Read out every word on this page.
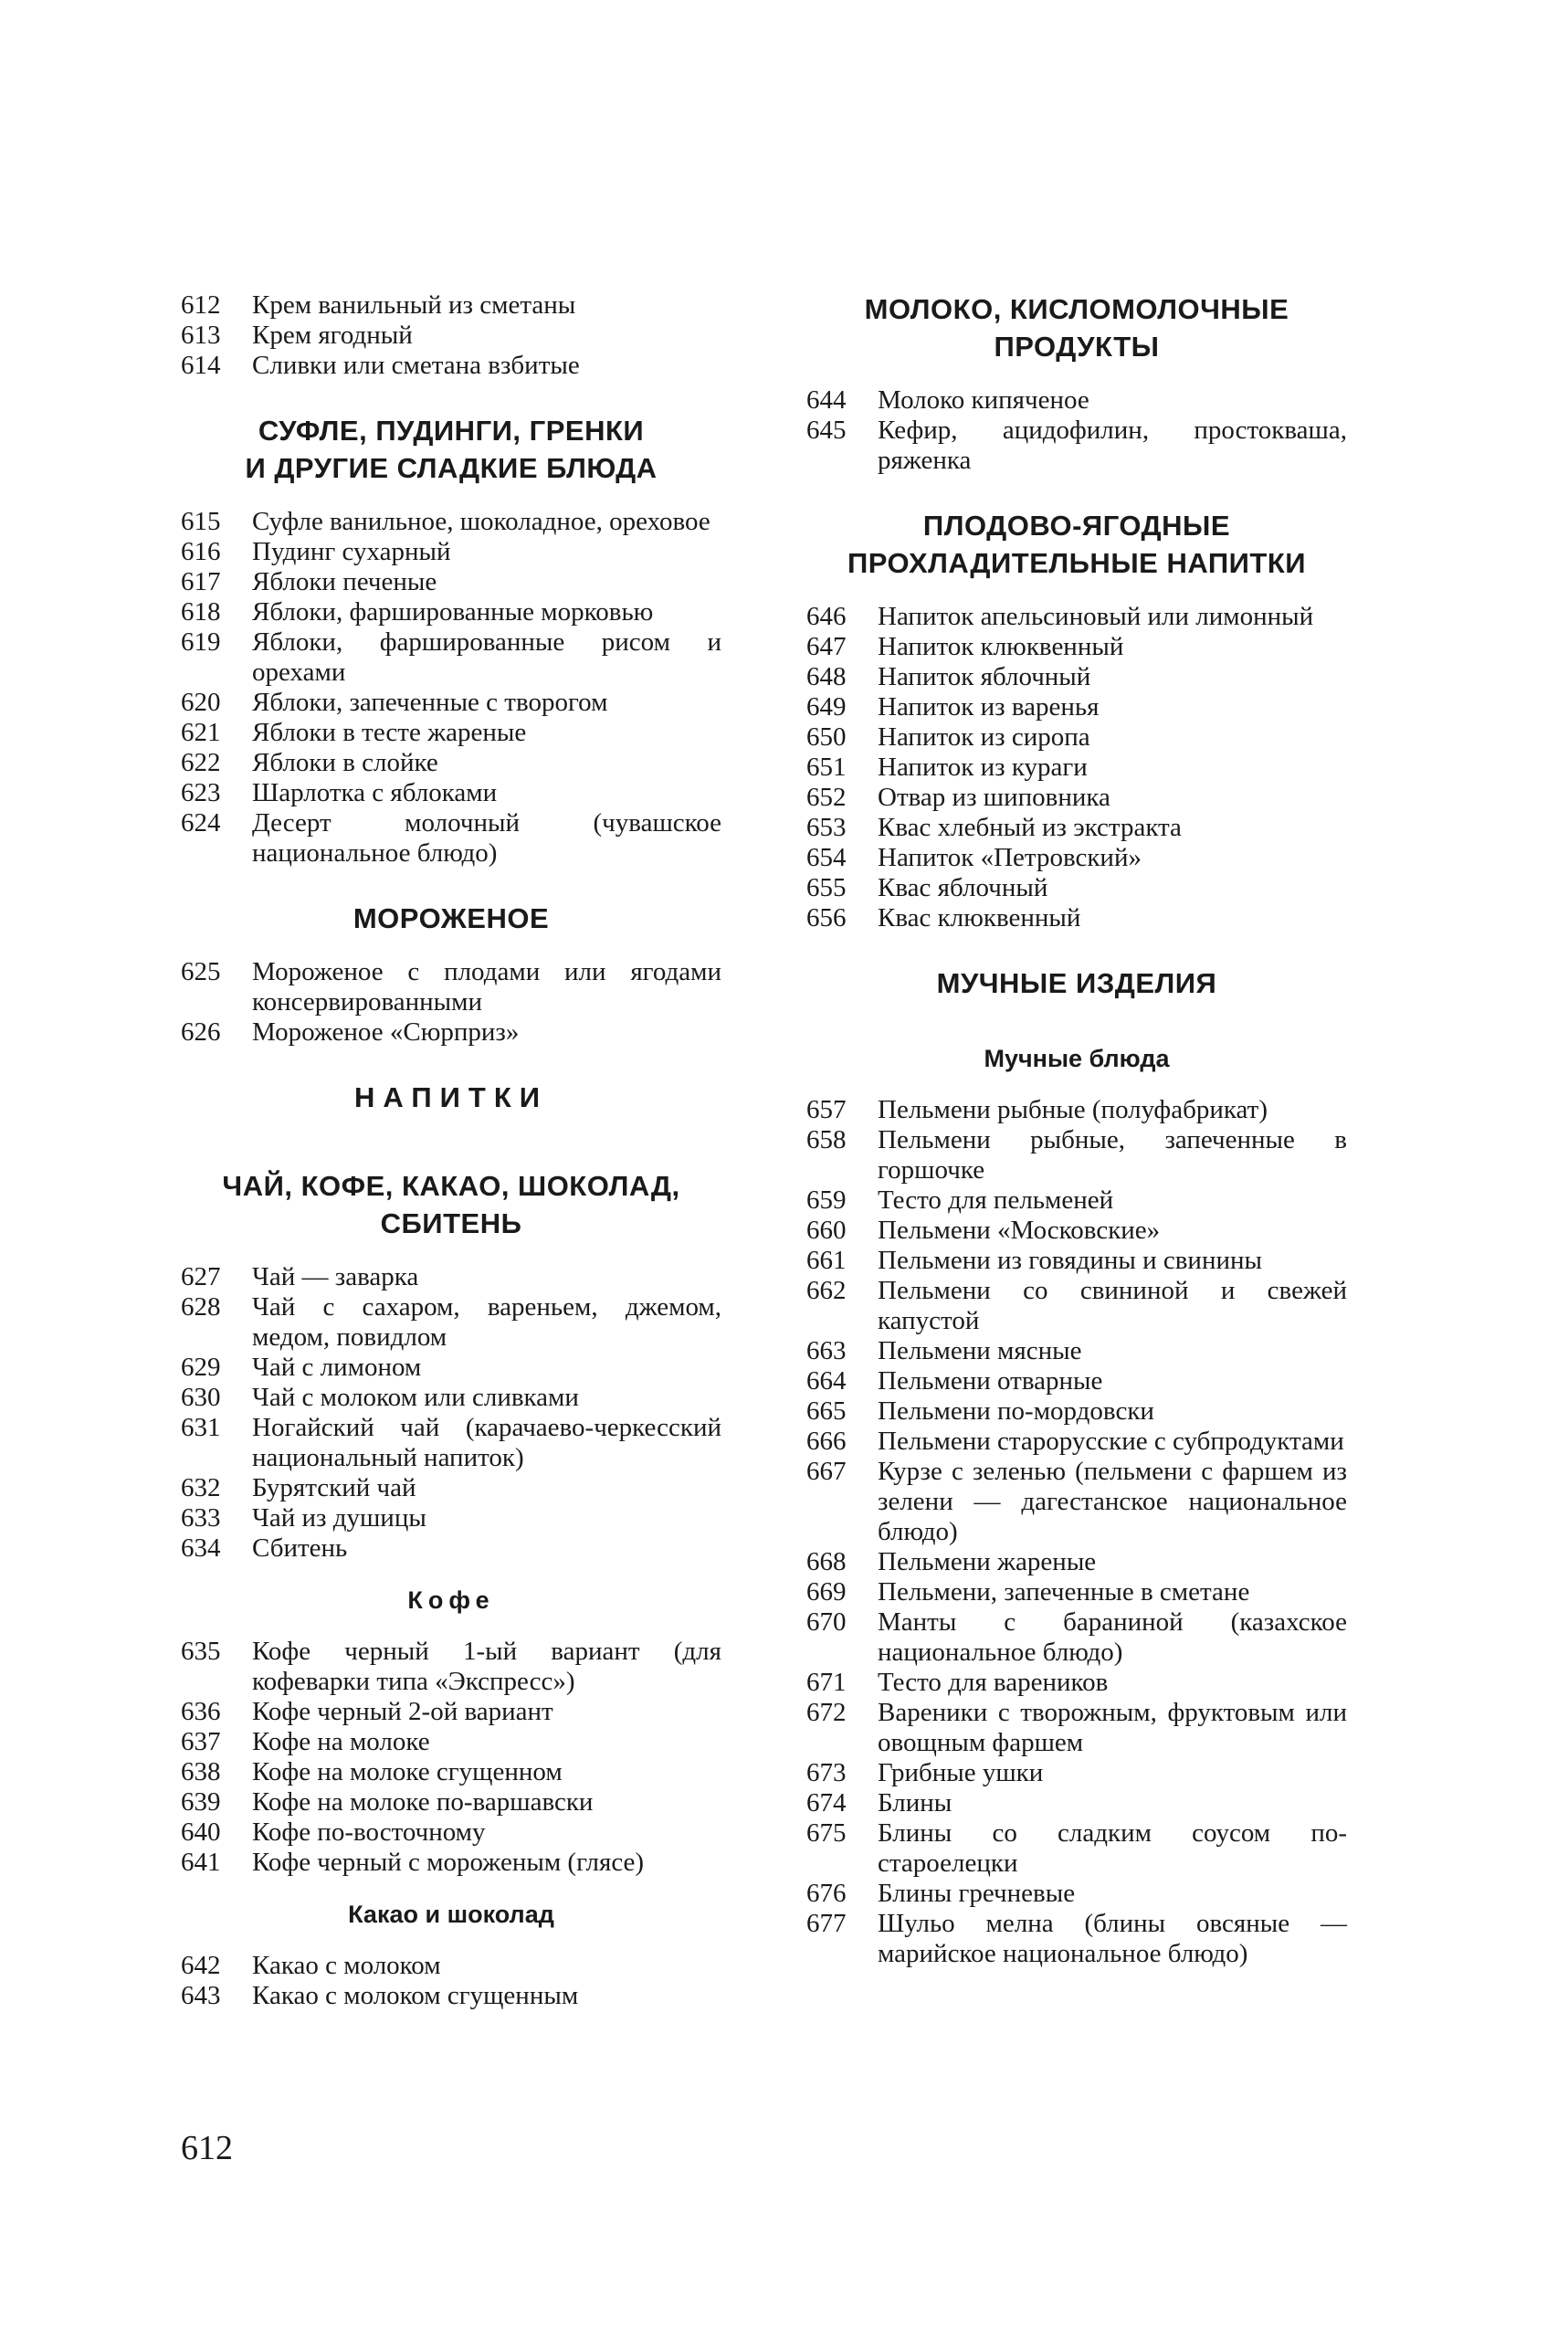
612	Крем ванильный из сметаны
613	Крем ягодный
614	Сливки или сметана взбитые
СУФЛЕ, ПУДИНГИ, ГРЕНКИ
И ДРУГИЕ СЛАДКИЕ БЛЮДА
615	Суфле ванильное, шоколадное, ореховое
616	Пудинг сухарный
617	Яблоки печеные
618	Яблоки, фаршированные морковью
619	Яблоки, фаршированные рисом и орехами
620	Яблоки, запеченные с творогом
621	Яблоки в тесте жареные
622	Яблоки в слойке
623	Шарлотка с яблоками
624	Десерт молочный (чувашское национальное блюдо)
МОРОЖЕНОЕ
625	Мороженое с плодами или ягодами консервированными
626	Мороженое «Сюрприз»
НАПИТКИ
ЧАЙ, КОФЕ, КАКАО, ШОКОЛАД,
СБИТЕНЬ
627	Чай — заварка
628	Чай с сахаром, вареньем, джемом, медом, повидлом
629	Чай с лимоном
630	Чай с молоком или сливками
631	Ногайский чай (карачаево-черкесский национальный напиток)
632	Бурятский чай
633	Чай из душицы
634	Сбитень
Кофе
635	Кофе черный 1-ый вариант (для кофеварки типа «Экспресс»)
636	Кофе черный 2-ой вариант
637	Кофе на молоке
638	Кофе на молоке сгущенном
639	Кофе на молоке по-варшавски
640	Кофе по-восточному
641	Кофе черный с мороженым (глясе)
Какао и шоколад
642	Какао с молоком
643	Какао с молоком сгущенным
МОЛОКО, КИСЛОМОЛОЧНЫЕ
ПРОДУКТЫ
644	Молоко кипяченое
645	Кефир, ацидофилин, простокваша, ряженка
ПЛОДОВО-ЯГОДНЫЕ
ПРОХЛАДИТЕЛЬНЫЕ НАПИТКИ
646	Напиток апельсиновый или лимонный
647	Напиток клюквенный
648	Напиток яблочный
649	Напиток из варенья
650	Напиток из сиропа
651	Напиток из кураги
652	Отвар из шиповника
653	Квас хлебный из экстракта
654	Напиток «Петровский»
655	Квас яблочный
656	Квас клюквенный
МУЧНЫЕ ИЗДЕЛИЯ
Мучные блюда
657	Пельмени рыбные (полуфабрикат)
658	Пельмени рыбные, запеченные в горшочке
659	Тесто для пельменей
660	Пельмени «Московские»
661	Пельмени из говядины и свинины
662	Пельмени со свининой и свежей капустой
663	Пельмени мясные
664	Пельмени отварные
665	Пельмени по-мордовски
666	Пельмени старорусские с субпродуктами
667	Курзе с зеленью (пельмени с фаршем из зелени — дагестанское национальное блюдо)
668	Пельмени жареные
669	Пельмени, запеченные в сметане
670	Манты с бараниной (казахское национальное блюдо)
671	Тесто для вареников
672	Вареники с творожным, фруктовым или овощным фаршем
673	Грибные ушки
674	Блины
675	Блины со сладким соусом по-староелецки
676	Блины гречневые
677	Шульо мелна (блины овсяные — марийское национальное блюдо)
612
